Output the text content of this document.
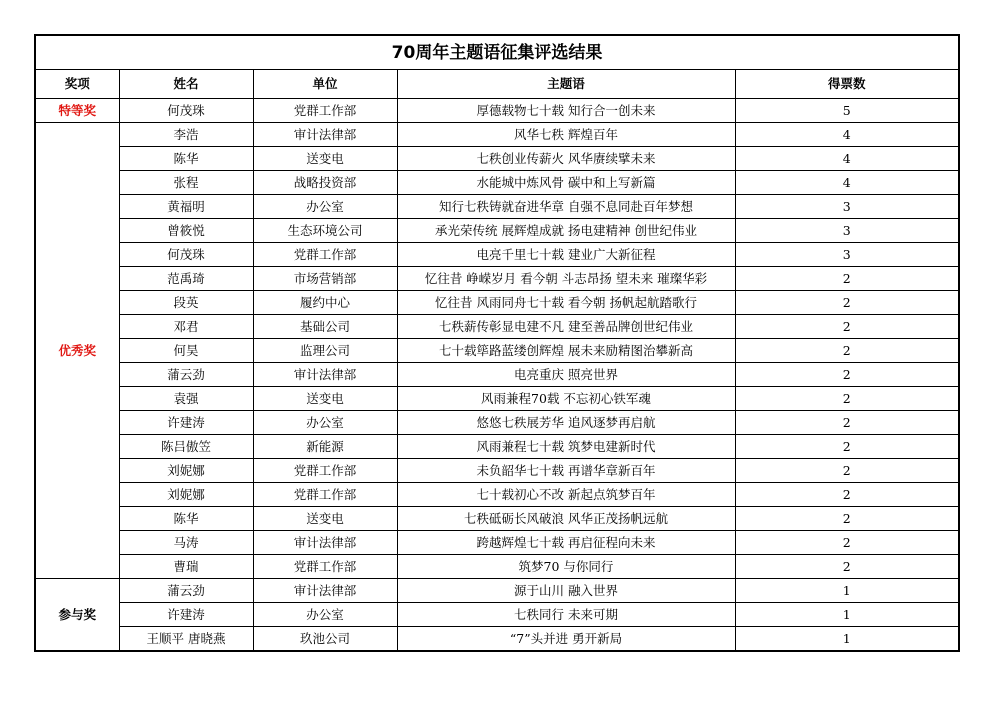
70周年主题语征集评选结果				
奖项	姓名	单位	主题语	得票数
特等奖	何茂珠	党群工作部	厚德载物七十载 知行合一创未来	5
优秀奖	李浩	审计法律部	风华七秩 辉煌百年	4
	陈华	送变电	七秩创业传薪火 风华赓续擘未来	4
	张程	战略投资部	水能城中炼风骨 碳中和上写新篇	4
	黄福明	办公室	知行七秩铸就奋进华章 自强不息同赴百年梦想	3
	曾筱悦	生态环境公司	承光荣传统 展辉煌成就 扬电建精神 创世纪伟业	3
	何茂珠	党群工作部	电亮千里七十载 建业广大新征程	3
	范禹琦	市场营销部	忆往昔 峥嵘岁月 看今朝 斗志昂扬 望未来 璀璨华彩	2
	段英	履约中心	忆往昔 风雨同舟七十载 看今朝 扬帆起航踏歌行	2
	邓君	基础公司	七秩薪传彰显电建不凡 建至善品牌创世纪伟业	2
	何昊	监理公司	七十载筚路蓝缕创辉煌 展未来励精图治攀新高	2
	蒲云劲	审计法律部	电亮重庆 照亮世界	2
	袁强	送变电	风雨兼程70载 不忘初心铁军魂	2
	许建涛	办公室	悠悠七秩展芳华 追风逐梦再启航	2
	陈吕傲笠	新能源	风雨兼程七十载 筑梦电建新时代	2
	刘妮娜	党群工作部	未负韶华七十载 再谱华章新百年	2
	刘妮娜	党群工作部	七十载初心不改 新起点筑梦百年	2
	陈华	送变电	七秩砥砺长风破浪 风华正茂扬帆远航	2
	马涛	审计法律部	跨越辉煌七十载 再启征程向未来	2
	曹瑞	党群工作部	筑梦70 与你同行	2
参与奖	蒲云劲	审计法律部	源于山川 融入世界	1
	许建涛	办公室	七秩同行 未来可期	1
	王顺平 唐晓燕	玖池公司	“7”头并进 勇开新局	1
